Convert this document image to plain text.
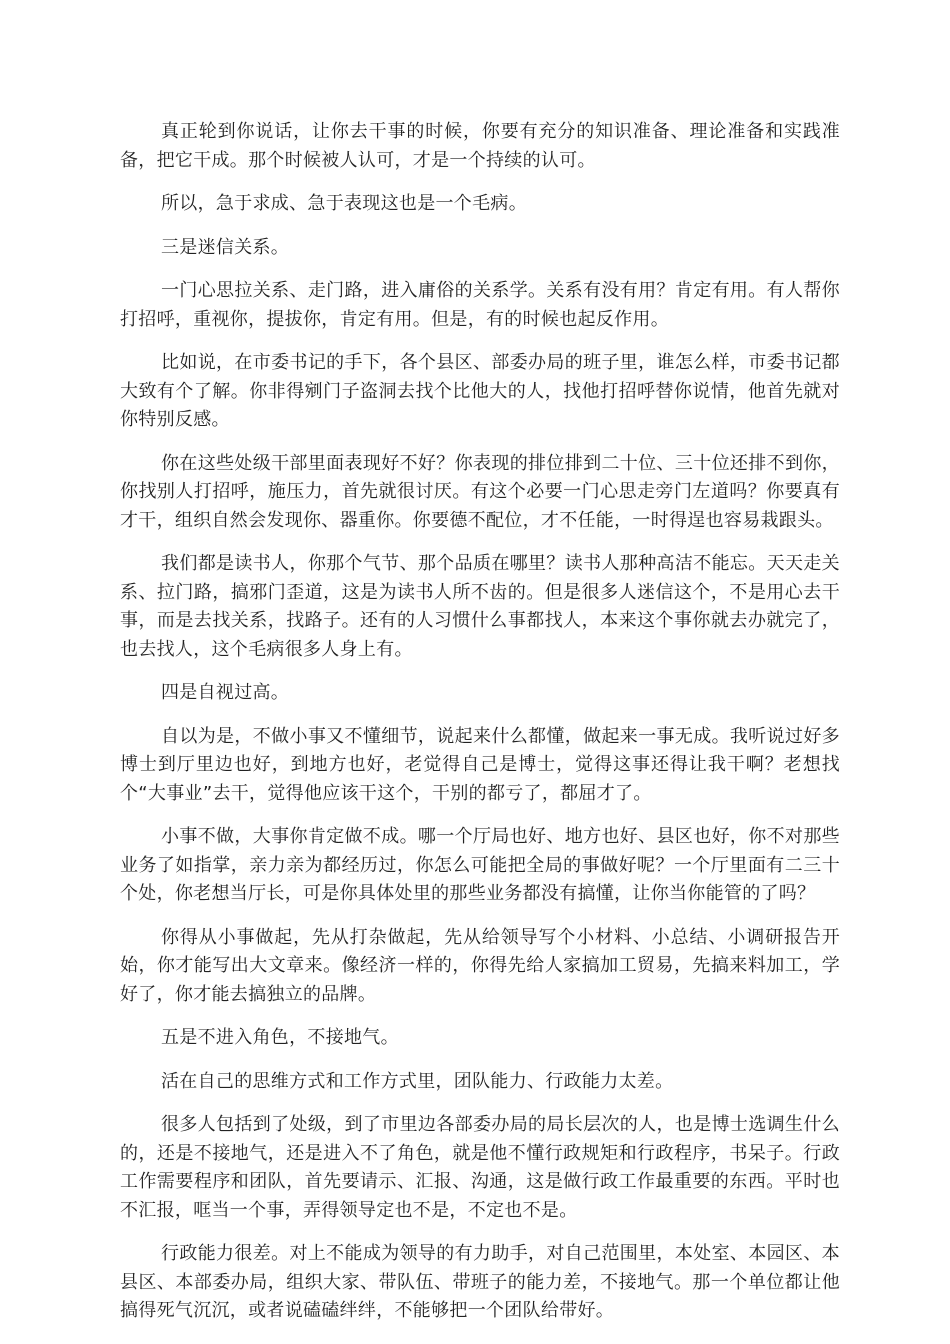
真正轮到你说话，让你去干事的时候，你要有充分的知识准备、理论准备和实践准备，把它干成。那个时候被人认可，才是一个持续的认可。

所以，急于求成、急于表现这也是一个毛病。

三是迷信关系。

一门心思拉关系、走门路，进入庸俗的关系学。关系有没有用？肯定有用。有人帮你打招呼，重视你，提拔你，肯定有用。但是，有的时候也起反作用。

比如说，在市委书记的手下，各个县区、部委办局的班子里，谁怎么样，市委书记都大致有个了解。你非得剜门子盗洞去找个比他大的人，找他打招呼替你说情，他首先就对你特别反感。

你在这些处级干部里面表现好不好？你表现的排位排到二十位、三十位还排不到你，你找别人打招呼，施压力，首先就很讨厌。有这个必要一门心思走旁门左道吗？你要真有才干，组织自然会发现你、器重你。你要德不配位，才不任能，一时得逞也容易栽跟头。

我们都是读书人，你那个气节、那个品质在哪里？读书人那种高洁不能忘。天天走关系、拉门路，搞邪门歪道，这是为读书人所不齿的。但是很多人迷信这个，不是用心去干事，而是去找关系，找路子。还有的人习惯什么事都找人，本来这个事你就去办就完了，也去找人，这个毛病很多人身上有。

四是自视过高。

自以为是，不做小事又不懂细节，说起来什么都懂，做起来一事无成。我听说过好多博士到厅里边也好，到地方也好，老觉得自己是博士，觉得这事还得让我干啊？老想找个“大事业”去干，觉得他应该干这个，干别的都亏了，都屈才了。

小事不做，大事你肯定做不成。哪一个厅局也好、地方也好、县区也好，你不对那些业务了如指掌，亲力亲为都经历过，你怎么可能把全局的事做好呢？一个厅里面有二三十个处，你老想当厅长，可是你具体处里的那些业务都没有搞懂，让你当你能管的了吗？

你得从小事做起，先从打杂做起，先从给领导写个小材料、小总结、小调研报告开始，你才能写出大文章来。像经济一样的，你得先给人家搞加工贸易，先搞来料加工，学好了，你才能去搞独立的品牌。

五是不进入角色，不接地气。

活在自己的思维方式和工作方式里，团队能力、行政能力太差。

很多人包括到了处级，到了市里边各部委办局的局长层次的人，也是博士选调生什么的，还是不接地气，还是进入不了角色，就是他不懂行政规矩和行政程序，书呆子。行政工作需要程序和团队，首先要请示、汇报、沟通，这是做行政工作最重要的东西。平时也不汇报，哐当一个事，弄得领导定也不是，不定也不是。

行政能力很差。对上不能成为领导的有力助手，对自己范围里，本处室、本园区、本县区、本部委办局，组织大家、带队伍、带班子的能力差，不接地气。那一个单位都让他搞得死气沉沉，或者说磕磕绊绊，不能够把一个团队给带好。
